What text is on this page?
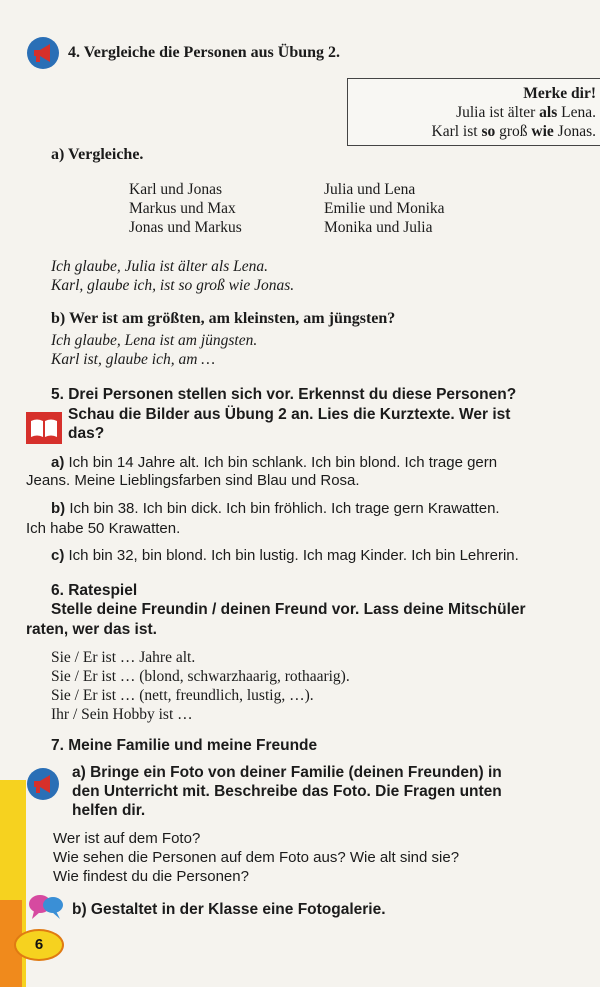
4. Vergleiche die Personen aus Übung 2.
Merke dir!
Julia ist älter als Lena.
Karl ist so groß wie Jonas.
a) Vergleiche.
Karl und Jonas
Markus und Max
Jonas und Markus
Julia und Lena
Emilie und Monika
Monika und Julia
Ich glaube, Julia ist älter als Lena.
Karl, glaube ich, ist so groß wie Jonas.
b) Wer ist am größten, am kleinsten, am jüngsten?
Ich glaube, Lena ist am jüngsten.
Karl ist, glaube ich, am …
5. Drei Personen stellen sich vor. Erkennst du diese Personen?
Schau die Bilder aus Übung 2 an. Lies die Kurztexte. Wer ist
das?
a) Ich bin 14 Jahre alt. Ich bin schlank. Ich bin blond. Ich trage gern
Jeans. Meine Lieblingsfarben sind Blau und Rosa.
b) Ich bin 38. Ich bin dick. Ich bin fröhlich. Ich trage gern Krawatten.
Ich habe 50 Krawatten.
c) Ich bin 32, bin blond. Ich bin lustig. Ich mag Kinder. Ich bin Lehrerin.
6. Ratespiel
Stelle deine Freundin / deinen Freund vor. Lass deine Mitschüler
raten, wer das ist.
Sie / Er ist … Jahre alt.
Sie / Er ist … (blond, schwarzhaarig, rothaarig).
Sie / Er ist … (nett, freundlich, lustig, …).
Ihr / Sein Hobby ist …
7. Meine Familie und meine Freunde
a) Bringe ein Foto von deiner Familie (deinen Freunden) in
den Unterricht mit. Beschreibe das Foto. Die Fragen unten
helfen dir.
Wer ist auf dem Foto?
Wie sehen die Personen auf dem Foto aus? Wie alt sind sie?
Wie findest du die Personen?
b) Gestaltet in der Klasse eine Fotogalerie.
6
